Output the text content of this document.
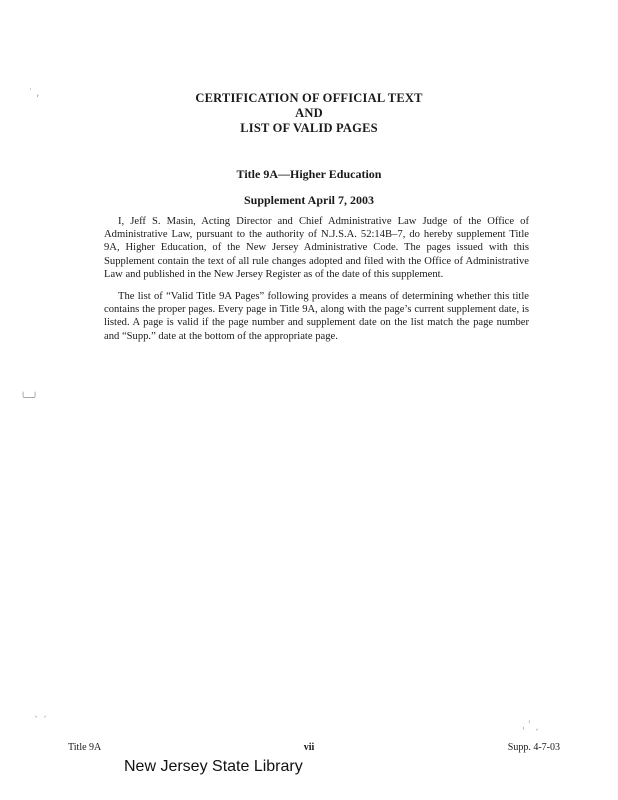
CERTIFICATION OF OFFICIAL TEXT
AND
LIST OF VALID PAGES
Title 9A—Higher Education
Supplement April 7, 2003

I, Jeff S. Masin, Acting Director and Chief Administrative Law Judge of the Office of Administrative Law, pursuant to the authority of N.J.S.A. 52:14B–7, do hereby supplement Title 9A, Higher Education, of the New Jersey Administrative Code. The pages issued with this Supplement contain the text of all rule changes adopted and filed with the Office of Administrative Law and published in the New Jersey Register as of the date of this supplement.

The list of “Valid Title 9A Pages” following provides a means of determining whether this title contains the proper pages. Every page in Title 9A, along with the page’s current supplement date, is listed. A page is valid if the page number and supplement date on the list match the page number and “Supp.” date at the bottom of the appropriate page.

Title 9A	vii	Supp. 4-7-03
New Jersey State Library
˙ ,
╰─╯
ˎ ˏ
ˌ ˈ ˏ
